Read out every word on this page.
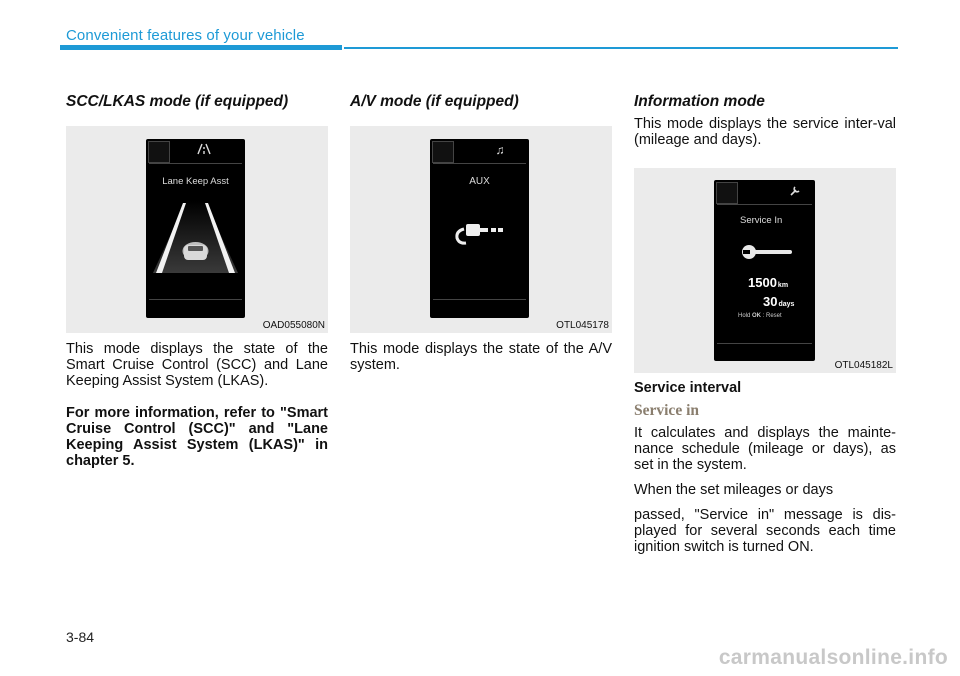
Convenient features of your vehicle
SCC/LKAS mode (if equipped)
Lane Keep Asst
OAD055080N

This mode displays the state of the Smart Cruise Control (SCC) and Lane Keeping Assist System (LKAS).

For more information, refer to "Smart Cruise Control (SCC)" and "Lane Keeping Assist System (LKAS)" in chapter 5.

A/V mode (if equipped)
♫
AUX
OTL045178

This mode displays the state of the A/V system.

Information mode

This mode displays the service inter-val (mileage and days).

Service In
1500km
30days
Hold OK : Reset
OTL045182L
Service interval
Service in

It calculates and displays the mainte-nance schedule (mileage or days), as set in the system.

When the set mileages or days

passed, "Service in" message is dis-played for several seconds each time ignition switch is turned ON.

3-84

carmanualsonline.info
